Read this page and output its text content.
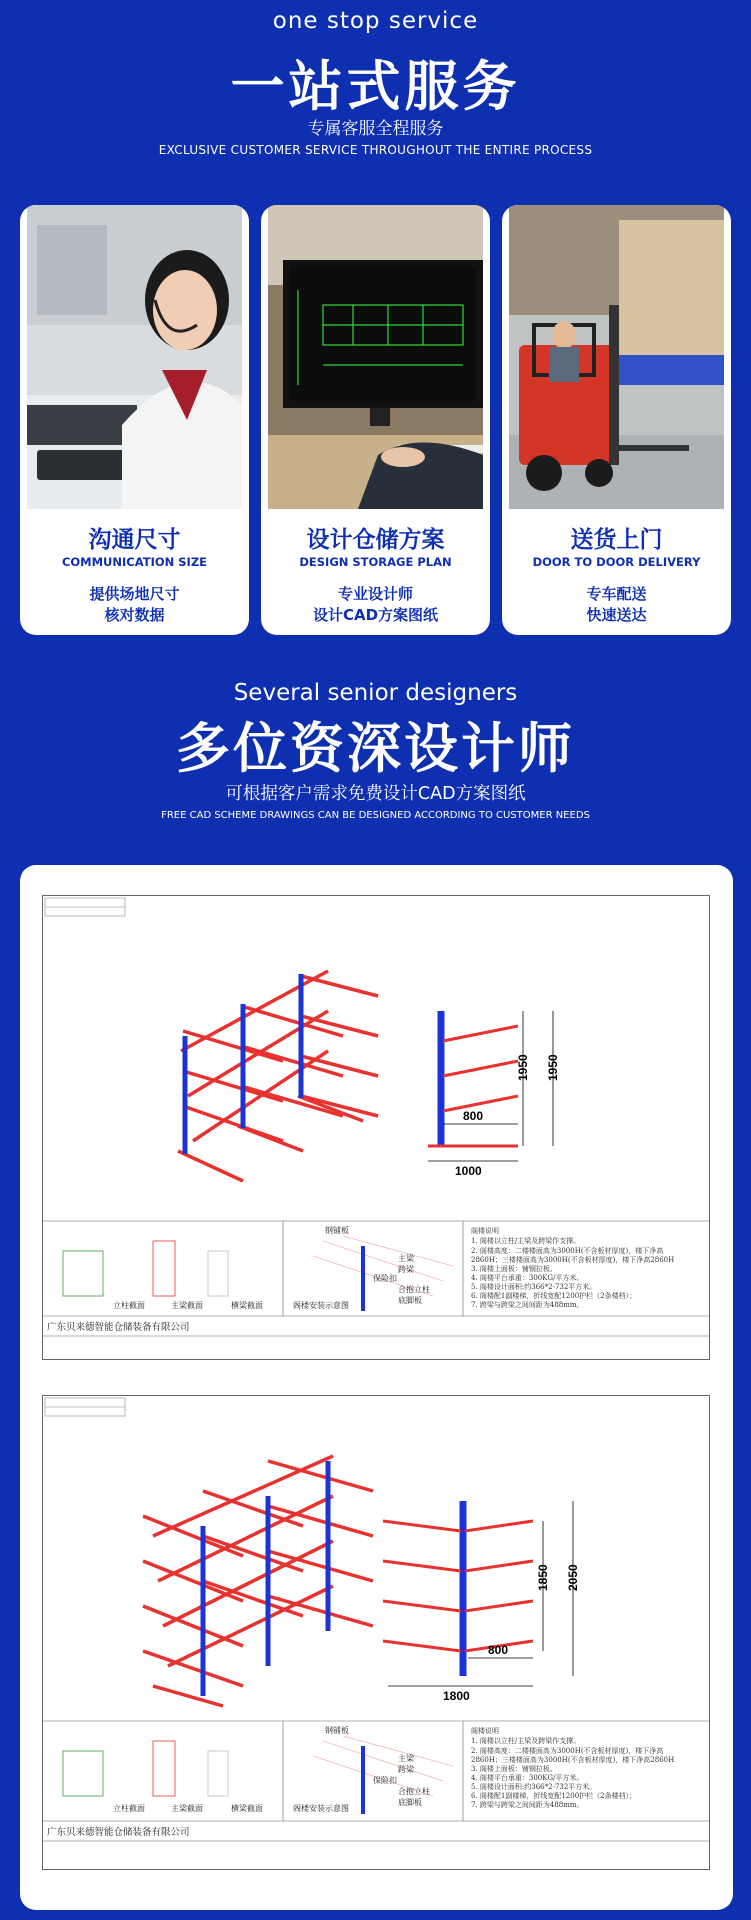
one stop service
一站式服务
专属客服全程服务
EXCLUSIVE CUSTOMER SERVICE THROUGHOUT THE ENTIRE PROCESS
沟通尺寸
COMMUNICATION SIZE
提供场地尺寸
核对数据
设计仓储方案
DESIGN STORAGE PLAN
专业设计师
设计CAD方案图纸
送货上门
DOOR TO DOOR DELIVERY
专车配送
快速送达
Several senior designers
多位资深设计师
可根据客户需求免费设计CAD方案图纸
FREE CAD SCHEME DRAWINGS CAN BE DESIGNED ACCORDING TO CUSTOMER NEEDS
1950 1950
800
1000
立柱截面	主梁截面	横梁截面	阁楼安装示意图
钢铺板
主梁
跨梁
保险扣
合抱立柱
底脚板
阁楼说明
1. 阁楼以立柱/主梁及跨梁作支撑。
2. 阁楼高度：二楼楼面高为3000H(不含板材厚度)，楼下净高
2860H；三楼楼面高为3000H(不含板材厚度)，楼下净高2860H
3. 阁楼上面板：铺钢拉板。
4. 阁楼平台承重：300KG/平方米。
5. 阁楼设计面积:约366*2-732平方米。
6. 阁楼配1副楼梯，折线宽配1200护栏（2条楼档）；
7. 跨梁与跨梁之间间距为488mm。
广东贝来德智能仓储装备有限公司
1850 2050
800
1800
立柱截面	主梁截面	横梁截面	阁楼安装示意图
钢铺板
主梁
跨梁
保险扣
合抱立柱
底脚板
阁楼说明
1. 阁楼以立柱/主梁及跨梁作支撑。
2. 阁楼高度：二楼楼面高为3000H(不含板材厚度)，楼下净高
2860H；三楼楼面高为3000H(不含板材厚度)，楼下净高2860H
3. 阁楼上面板：铺钢拉板。
4. 阁楼平台承重：300KG/平方米。
5. 阁楼设计面积:约366*2-732平方米。
6. 阁楼配1副楼梯，折线宽配1200护栏（2条楼档）；
7. 跨梁与跨梁之间间距为488mm。
广东贝来德智能仓储装备有限公司
